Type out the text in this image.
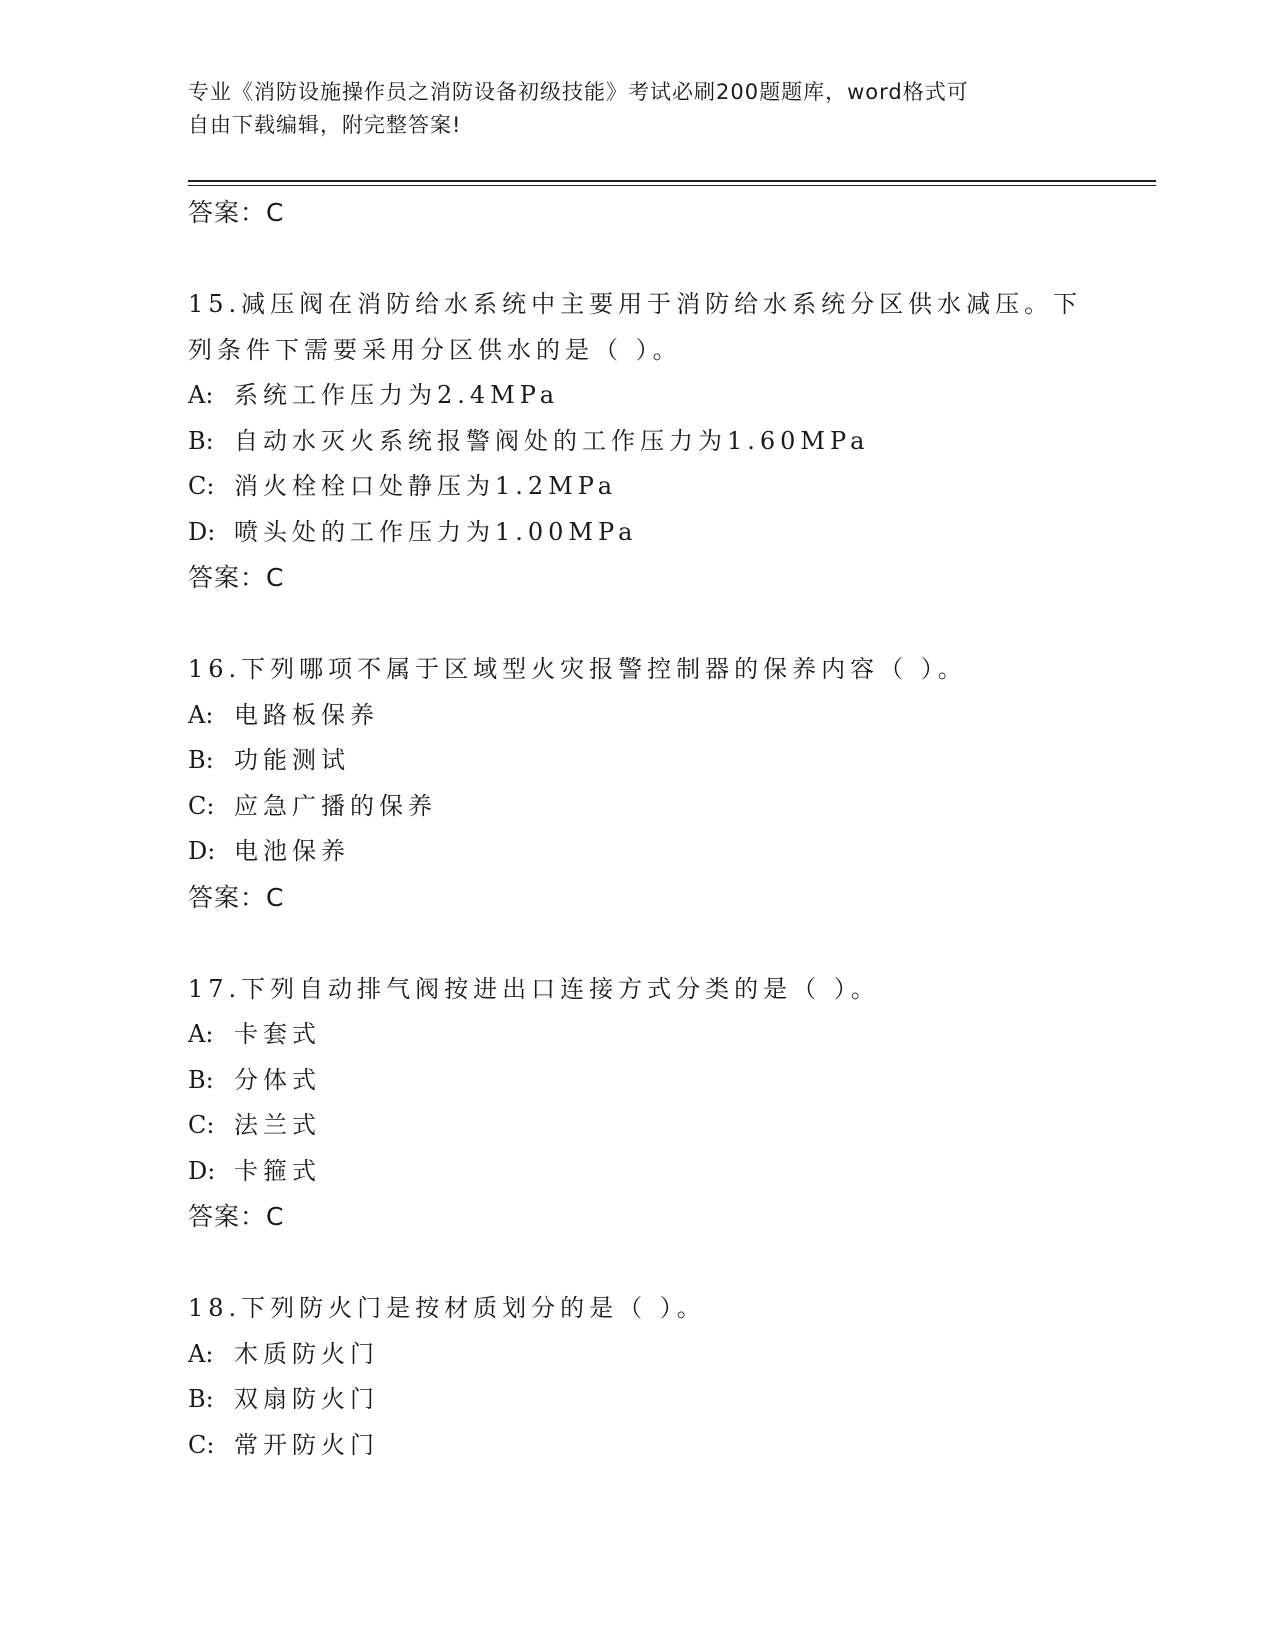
专业《消防设施操作员之消防设备初级技能》考试必刷200题题库，word格式可
自由下载编辑，附完整答案!
答案：C
15.减压阀在消防给水系统中主要用于消防给水系统分区供水减压。下
列条件下需要采用分区供水的是（ ）。
A: 系统工作压力为2.4MPa
B: 自动水灭火系统报警阀处的工作压力为1.60MPa
C: 消火栓栓口处静压为1.2MPa
D: 喷头处的工作压力为1.00MPa
答案：C
16.下列哪项不属于区域型火灾报警控制器的保养内容（ ）。
A: 电路板保养
B: 功能测试
C: 应急广播的保养
D: 电池保养
答案：C
17.下列自动排气阀按进出口连接方式分类的是（ ）。
A: 卡套式
B: 分体式
C: 法兰式
D: 卡箍式
答案：C
18.下列防火门是按材质划分的是（ ）。
A: 木质防火门
B: 双扇防火门
C: 常开防火门
